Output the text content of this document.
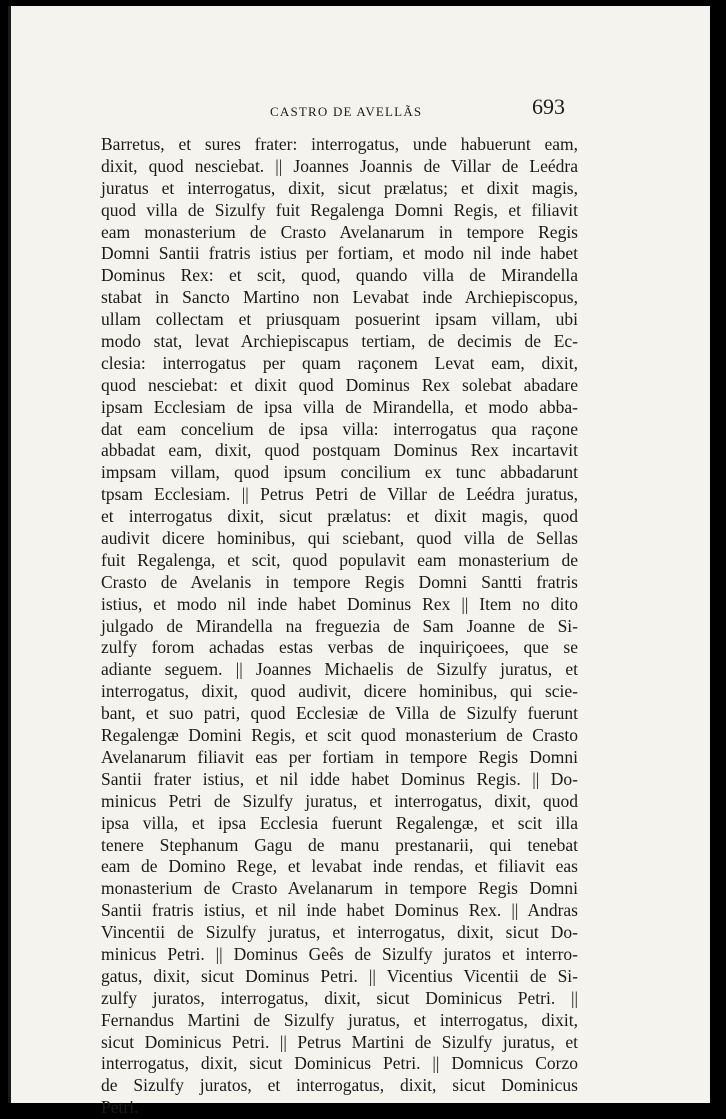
CASTRO DE AVELLÃS	693
Barretus, et sures frater: interrogatus, unde habuerunt eam,
dixit, quod nesciebat. || Joannes Joannis de Villar de Leédra
juratus et interrogatus, dixit, sicut prælatus; et dixit magis,
quod villa de Sizulfy fuit Regalenga Domni Regis, et filiavit
eam monasterium de Crasto Avelanarum in tempore Regis
Domni Santii fratris istius per fortiam, et modo nil inde habet
Dominus Rex: et scit, quod, quando villa de Mirandella
stabat in Sancto Martino non Levabat inde Archiepiscopus,
ullam collectam et priusquam posuerint ipsam villam, ubi
modo stat, levat Archiepiscapus tertiam, de decimis de Ec-
clesia: interrogatus per quam raçonem Levat eam, dixit,
quod nesciebat: et dixit quod Dominus Rex solebat abadare
ipsam Ecclesiam de ipsa villa de Mirandella, et modo abba-
dat eam concelium de ipsa villa: interrogatus qua raçone
abbadat eam, dixit, quod postquam Dominus Rex incartavit
impsam villam, quod ipsum concilium ex tunc abbadarunt
tpsam Ecclesiam. || Petrus Petri de Villar de Leédra juratus,
et interrogatus dixit, sicut prælatus: et dixit magis, quod
audivit dicere hominibus, qui sciebant, quod villa de Sellas
fuit Regalenga, et scit, quod populavit eam monasterium de
Crasto de Avelanis in tempore Regis Domni Santti fratris
istius, et modo nil inde habet Dominus Rex || Item no dito
julgado de Mirandella na freguezia de Sam Joanne de Si-
zulfy forom achadas estas verbas de inquiriçoees, que se
adiante seguem. || Joannes Michaelis de Sizulfy juratus, et
interrogatus, dixit, quod audivit, dicere hominibus, qui scie-
bant, et suo patri, quod Ecclesiæ de Villa de Sizulfy fuerunt
Regalengæ Domini Regis, et scit quod monasterium de Crasto
Avelanarum filiavit eas per fortiam in tempore Regis Domni
Santii frater istius, et nil idde habet Dominus Regis. || Do-
minicus Petri de Sizulfy juratus, et interrogatus, dixit, quod
ipsa villa, et ipsa Ecclesia fuerunt Regalengæ, et scit illa
tenere Stephanum Gagu de manu prestanarii, qui tenebat
eam de Domino Rege, et levabat inde rendas, et filiavit eas
monasterium de Crasto Avelanarum in tempore Regis Domni
Santii fratris istius, et nil inde habet Dominus Rex. || Andras
Vincentii de Sizulfy juratus, et interrogatus, dixit, sicut Do-
minicus Petri. || Dominus Geês de Sizulfy juratos et interro-
gatus, dixit, sicut Dominus Petri. || Vicentius Vicentii de Si-
zulfy juratos, interrogatus, dixit, sicut Dominicus Petri. ||
Fernandus Martini de Sizulfy juratus, et interrogatus, dixit,
sicut Dominicus Petri. || Petrus Martini de Sizulfy juratus, et
interrogatus, dixit, sicut Dominicus Petri. || Domnicus Corzo
de Sizulfy juratos, et interrogatus, dixit, sicut Dominicus
Petri.
